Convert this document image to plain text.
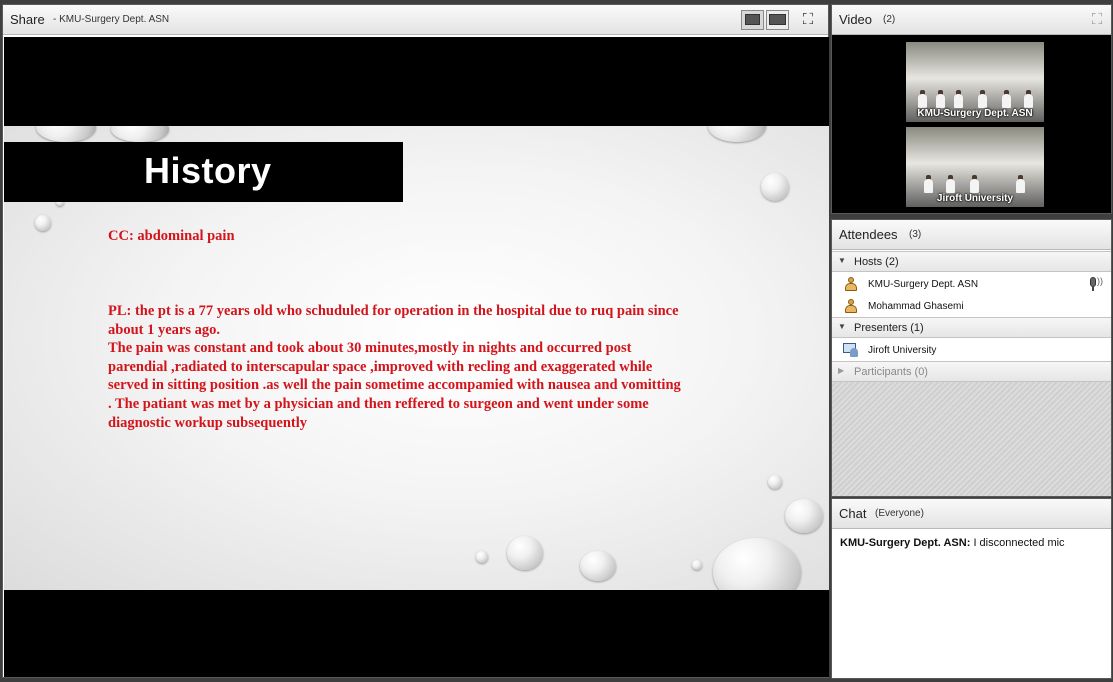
Share - KMU-Surgery Dept. ASN	⛶
History
CC: abdominal pain
PL: the pt is a 77 years old who schuduled for operation in the hospital due to ruq pain since
about 1 years ago.
The pain was constant and took about 30 minutes,mostly in nights and occurred post
parendial ,radiated to interscapular space ,improved with recling and exaggerated while
served in sitting position .as well the pain sometime accompamied with nausea and vomitting
. The patiant was met by a physician and then reffered to surgeon and went under some
diagnostic workup subsequently
Video (2)	⛶
KMU-Surgery Dept. ASN
Jiroft University
Attendees (3)
▼ Hosts (2)
KMU-Surgery Dept. ASN	))
Mohammad Ghasemi
▼ Presenters (1)
Jiroft University
▶ Participants (0)
Chat (Everyone)
KMU-Surgery Dept. ASN: I disconnected mic
